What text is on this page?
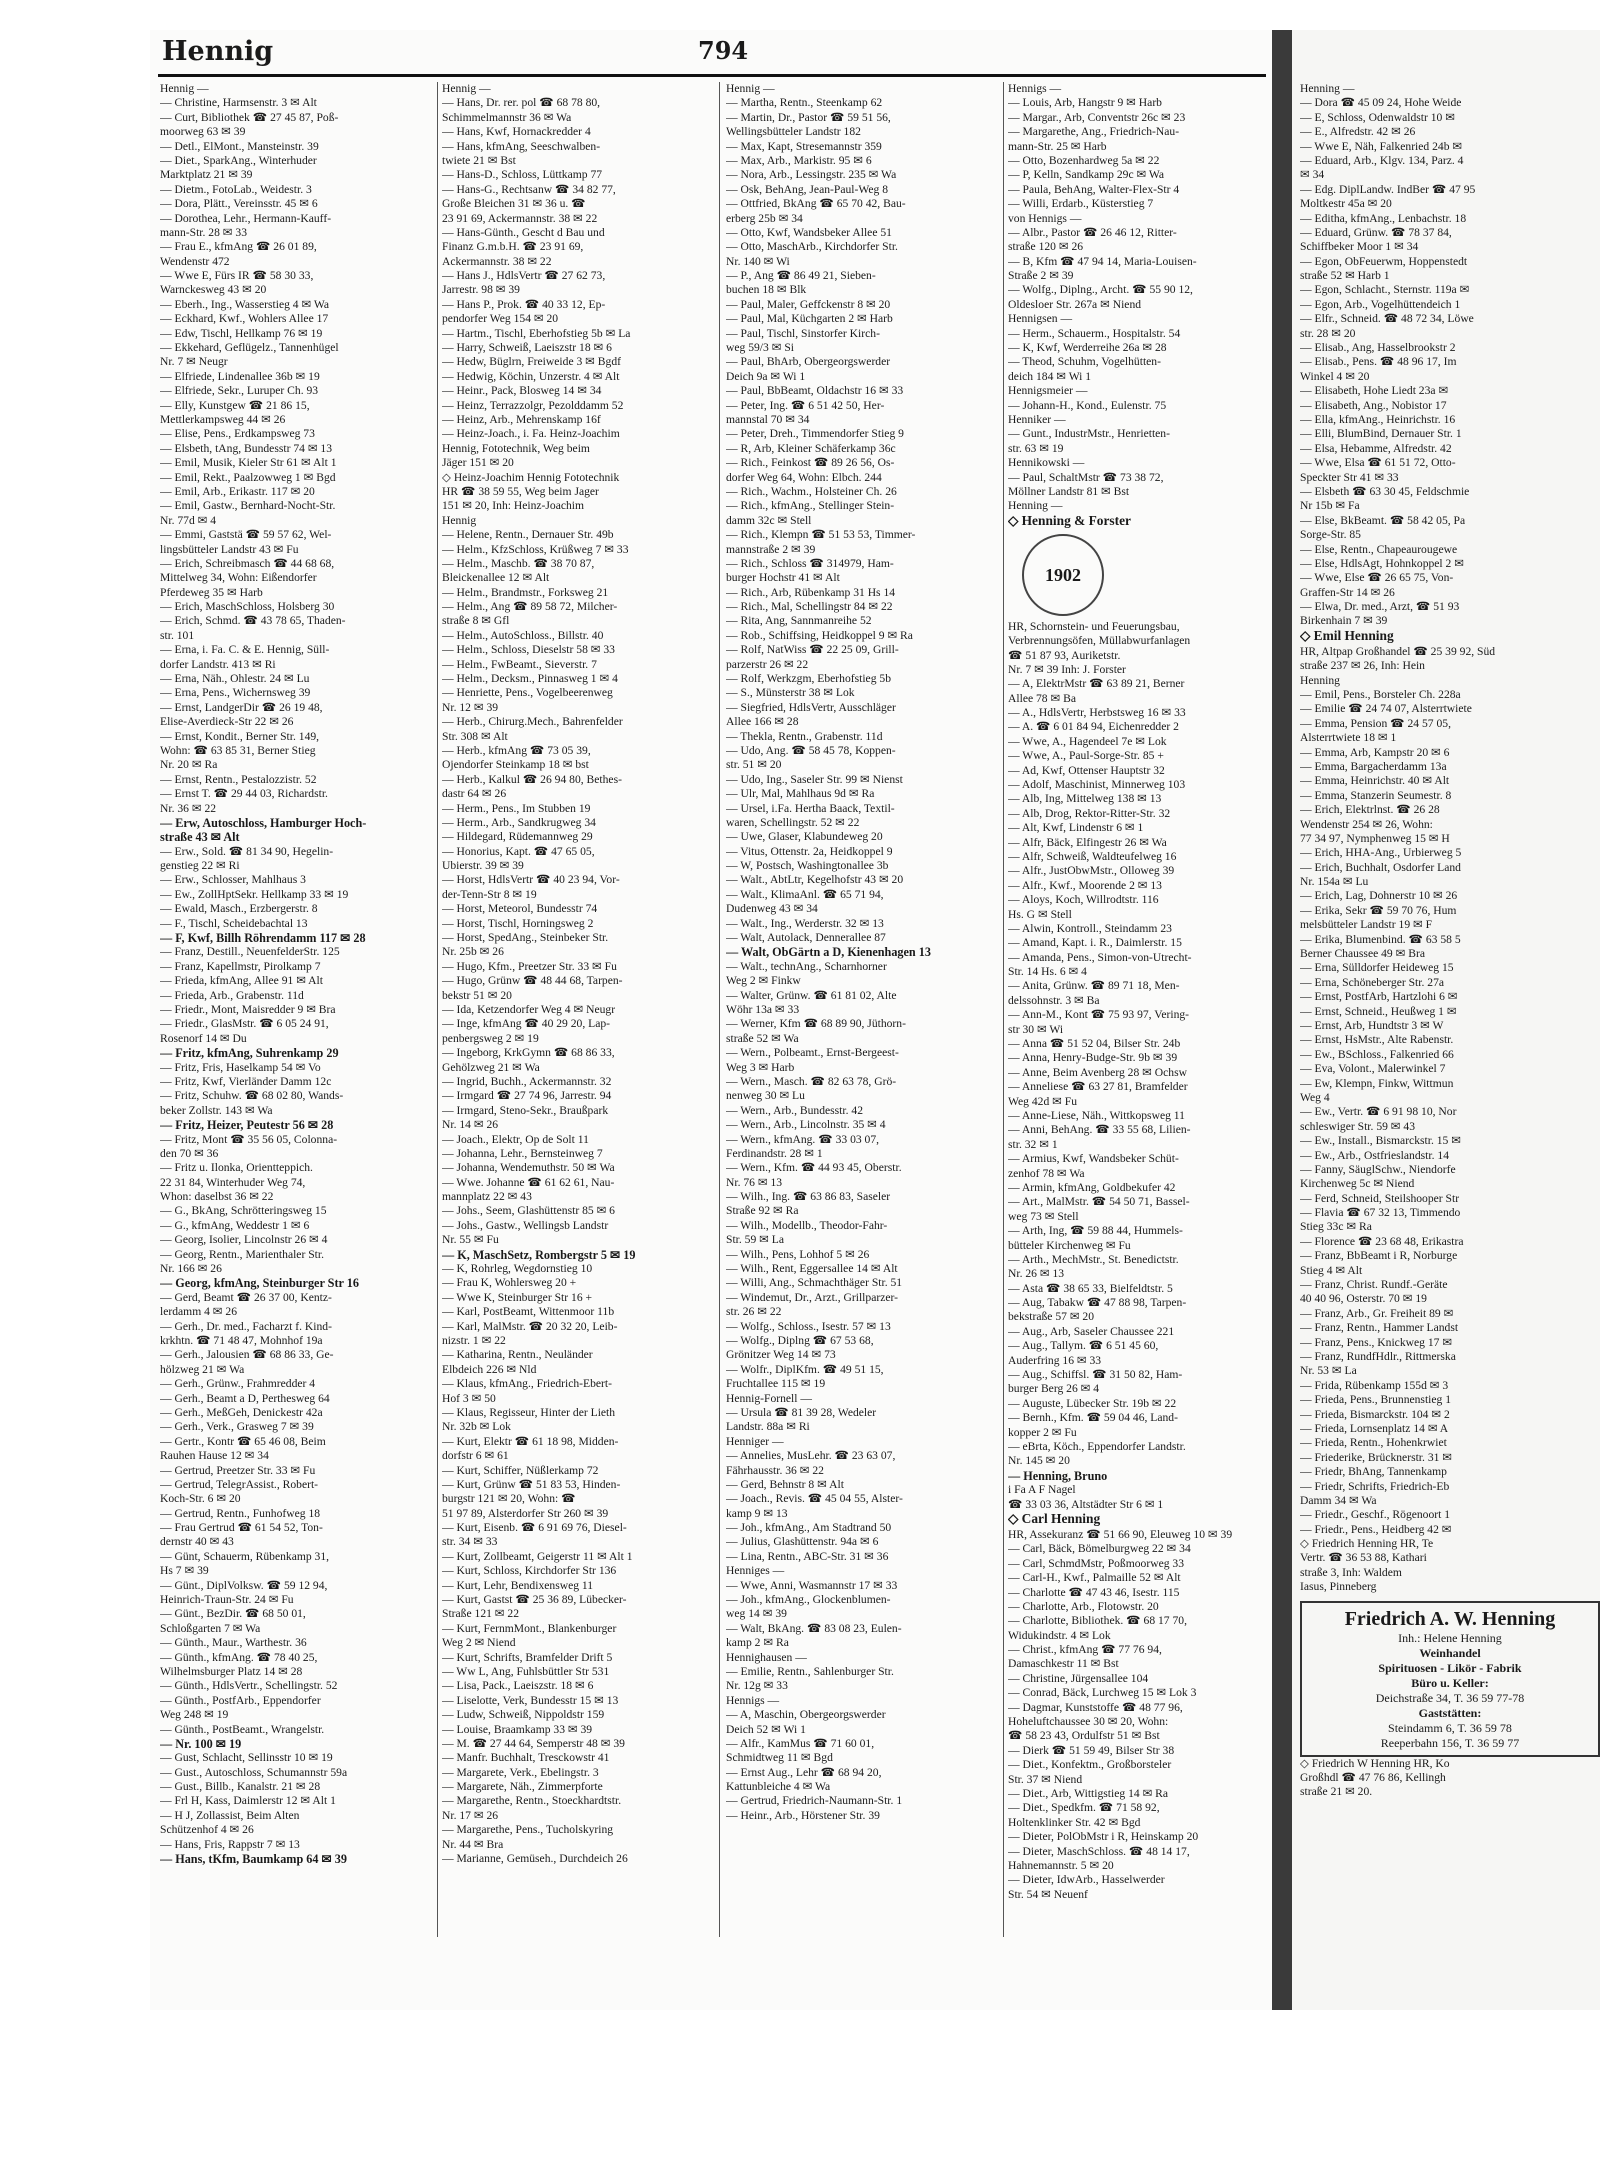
Hennig	794
Hennig —
— Christine, Harmsenstr. 3 ✉ Alt
— Curt, Bibliothek ☎ 27 45 87, Poß-
moorweg 63 ✉ 39
— Detl., ElMont., Mansteinstr. 39
— Diet., SparkAng., Winterhuder
Marktplatz 21 ✉ 39
— Dietm., FotoLab., Weidestr. 3
— Dora, Plätt., Vereinsstr. 45 ✉ 6
— Dorothea, Lehr., Hermann-Kauff-
mann-Str. 28 ✉ 33
— Frau E., kfmAng ☎ 26 01 89,
Wendenstr 472
— Wwe E, Fürs IR ☎ 58 30 33,
Warnckesweg 43 ✉ 20
— Eberh., Ing., Wasserstieg 4 ✉ Wa
— Eckhard, Kwf., Wohlers Allee 17
— Edw, Tischl, Hellkamp 76 ✉ 19
— Ekkehard, Geflügelz., Tannenhügel
Nr. 7 ✉ Neugr
— Elfriede, Lindenallee 36b ✉ 19
— Elfriede, Sekr., Luruper Ch. 93
— Elly, Kunstgew ☎ 21 86 15,
Mettlerkampsweg 44 ✉ 26
— Elise, Pens., Erdkampsweg 73
— Elsbeth, tAng, Bundesstr 74 ✉ 13
— Emil, Musik, Kieler Str 61 ✉ Alt 1
— Emil, Rekt., Paalzowweg 1 ✉ Bgd
— Emil, Arb., Erikastr. 117 ✉ 20
— Emil, Gastw., Bernhard-Nocht-Str.
Nr. 77d ✉ 4
— Emmi, Gaststä ☎ 59 57 62, Wel-
lingsbütteler Landstr 43 ✉ Fu
— Erich, Schreibmasch ☎ 44 68 68,
Mittelweg 34, Wohn: Eißendorfer
Pferdeweg 35 ✉ Harb
— Erich, MaschSchloss, Holsberg 30
— Erich, Schmd. ☎ 43 78 65, Thaden-
str. 101
— Erna, i. Fa. C. & E. Hennig, Süll-
dorfer Landstr. 413 ✉ Ri
— Erna, Näh., Ohlestr. 24 ✉ Lu
— Erna, Pens., Wichernsweg 39
— Ernst, LandgerDir ☎ 26 19 48,
Elise-Averdieck-Str 22 ✉ 26
— Ernst, Kondit., Berner Str. 149,
Wohn: ☎ 63 85 31, Berner Stieg
Nr. 20 ✉ Ra
— Ernst, Rentn., Pestalozzistr. 52
— Ernst T. ☎ 29 44 03, Richardstr.
Nr. 36 ✉ 22
— Erw, Autoschloss, Hamburger Hoch-
straße 43 ✉ Alt
— Erw., Sold. ☎ 81 34 90, Hegelin-
genstieg 22 ✉ Ri
— Erw., Schlosser, Mahlhaus 3
— Ew., ZollHptSekr. Hellkamp 33 ✉ 19
— Ewald, Masch., Erzbergerstr. 8
— F., Tischl, Scheidebachtal 13
— F, Kwf, Billh Röhrendamm 117 ✉ 28
— Franz, Destill., NeuenfelderStr. 125
— Franz, Kapellmstr, Pirolkamp 7
— Frieda, kfmAng, Allee 91 ✉ Alt
— Frieda, Arb., Grabenstr. 11d
— Friedr., Mont, Maisredder 9 ✉ Bra
— Friedr., GlasMstr. ☎ 6 05 24 91,
Rosenorf 14 ✉ Du
— Fritz, kfmAng, Suhrenkamp 29
— Fritz, Fris, Haselkamp 54 ✉ Vo
— Fritz, Kwf, Vierländer Damm 12c
— Fritz, Schuhw. ☎ 68 02 80, Wands-
beker Zollstr. 143 ✉ Wa
— Fritz, Heizer, Peutestr 56 ✉ 28
— Fritz, Mont ☎ 35 56 05, Colonna-
den 70 ✉ 36
— Fritz u. Ilonka, Orientteppich.
22 31 84, Winterhuder Weg 74,
Whon: daselbst 36 ✉ 22
— G., BkAng, Schrötteringsweg 15
— G., kfmAng, Weddestr 1 ✉ 6
— Georg, Isolier, Lincolnstr 26 ✉ 4
— Georg, Rentn., Marienthaler Str.
Nr. 166 ✉ 26
— Georg, kfmAng, Steinburger Str 16
— Gerd, Beamt ☎ 26 37 00, Kentz-
lerdamm 4 ✉ 26
— Gerh., Dr. med., Facharzt f. Kind-
krkhtn. ☎ 71 48 47, Mohnhof 19a
— Gerh., Jalousien ☎ 68 86 33, Ge-
hölzweg 21 ✉ Wa
— Gerh., Grünw., Frahmredder 4
— Gerh., Beamt a D, Perthesweg 64
— Gerh., MeßGeh, Denickestr 42a
— Gerh., Verk., Grasweg 7 ✉ 39
— Gertr., Kontr ☎ 65 46 08, Beim
Rauhen Hause 12 ✉ 34
— Gertrud, Preetzer Str. 33 ✉ Fu
— Gertrud, TelegrAssist., Robert-
Koch-Str. 6 ✉ 20
— Gertrud, Rentn., Funhofweg 18
— Frau Gertrud ☎ 61 54 52, Ton-
dernstr 40 ✉ 43
— Günt, Schauerm, Rübenkamp 31,
Hs 7 ✉ 39
— Günt., DiplVolksw. ☎ 59 12 94,
Heinrich-Traun-Str. 24 ✉ Fu
— Günt., BezDir. ☎ 68 50 01,
Schloßgarten 7 ✉ Wa
— Günth., Maur., Warthestr. 36
— Günth., kfmAng. ☎ 78 40 25,
Wilhelmsburger Platz 14 ✉ 28
— Günth., HdlsVertr., Schellingstr. 52
— Günth., PostfArb., Eppendorfer
Weg 248 ✉ 19
— Günth., PostBeamt., Wrangelstr.
— Nr. 100 ✉ 19
— Gust, Schlacht, Sellinsstr 10 ✉ 19
— Gust., Autoschloss, Schumannstr 59a
— Gust., Billb., Kanalstr. 21 ✉ 28
— Frl H, Kass, Daimlerstr 12 ✉ Alt 1
— H J, Zollassist, Beim Alten
Schützenhof 4 ✉ 26
— Hans, Fris, Rappstr 7 ✉ 13
— Hans, tKfm, Baumkamp 64 ✉ 39
Hennig —
— Hans, Dr. rer. pol ☎ 68 78 80,
Schimmelmannstr 36 ✉ Wa
— Hans, Kwf, Hornackredder 4
— Hans, kfmAng, Seeschwalben-
twiete 21 ✉ Bst
— Hans-D., Schloss, Lüttkamp 77
— Hans-G., Rechtsanw ☎ 34 82 77,
Große Bleichen 31 ✉ 36 u. ☎
23 91 69, Ackermannstr. 38 ✉ 22
— Hans-Günth., Gescht d Bau und
Finanz G.m.b.H. ☎ 23 91 69,
Ackermannstr. 38 ✉ 22
— Hans J., HdlsVertr ☎ 27 62 73,
Jarrestr. 98 ✉ 39
— Hans P., Prok. ☎ 40 33 12, Ep-
pendorfer Weg 154 ✉ 20
— Hartm., Tischl, Eberhofstieg 5b ✉ La
— Harry, Schweiß, Laeiszstr 18 ✉ 6
— Hedw, Büglrn, Freiweide 3 ✉ Bgdf
— Hedwig, Köchin, Unzerstr. 4 ✉ Alt
— Heinr., Pack, Blosweg 14 ✉ 34
— Heinz, Terrazzolgr, Pezolddamm 52
— Heinz, Arb., Mehrenskamp 16f
— Heinz-Joach., i. Fa. Heinz-Joachim
Hennig, Fototechnik, Weg beim
Jäger 151 ✉ 20
◇ Heinz-Joachim Hennig Fototechnik
HR ☎ 38 59 55, Weg beim Jager
151 ✉ 20, Inh: Heinz-Joachim
Hennig
— Helene, Rentn., Dernauer Str. 49b
— Helm., KfzSchloss, Krüßweg 7 ✉ 33
— Helm., Maschb. ☎ 38 70 87,
Bleickenallee 12 ✉ Alt
— Helm., Brandmstr., Forksweg 21
— Helm., Ang ☎ 89 58 72, Milcher-
straße 8 ✉ Gfl
— Helm., AutoSchloss., Billstr. 40
— Helm., Schloss, Dieselstr 58 ✉ 33
— Helm., FwBeamt., Sieverstr. 7
— Helm., Decksm., Pinnasweg 1 ✉ 4
— Henriette, Pens., Vogelbeerenweg
Nr. 12 ✉ 39
— Herb., Chirurg.Mech., Bahrenfelder
Str. 308 ✉ Alt
— Herb., kfmAng ☎ 73 05 39,
Ojendorfer Steinkamp 18 ✉ bst
— Herb., Kalkul ☎ 26 94 80, Bethes-
dastr 64 ✉ 26
— Herm., Pens., Im Stubben 19
— Herm., Arb., Sandkrugweg 34
— Hildegard, Rüdemannweg 29
— Honorius, Kapt. ☎ 47 65 05,
Ubierstr. 39 ✉ 39
— Horst, HdlsVertr ☎ 40 23 94, Vor-
der-Tenn-Str 8 ✉ 19
— Horst, Meteorol, Bundesstr 74
— Horst, Tischl, Horningsweg 2
— Horst, SpedAng., Steinbeker Str.
Nr. 25b ✉ 26
— Hugo, Kfm., Preetzer Str. 33 ✉ Fu
— Hugo, Grünw ☎ 48 44 68, Tarpen-
bekstr 51 ✉ 20
— Ida, Ketzendorfer Weg 4 ✉ Neugr
— Inge, kfmAng ☎ 40 29 20, Lap-
penbergsweg 2 ✉ 19
— Ingeborg, KrkGymn ☎ 68 86 33,
Gehölzweg 21 ✉ Wa
— Ingrid, Buchh., Ackermannstr. 32
— Irmgard ☎ 27 74 96, Jarrestr. 94
— Irmgard, Steno-Sekr., Braußpark
Nr. 14 ✉ 26
— Joach., Elektr, Op de Solt 11
— Johanna, Lehr., Bernsteinweg 7
— Johanna, Wendemuthstr. 50 ✉ Wa
— Wwe. Johanne ☎ 61 62 61, Nau-
mannplatz 22 ✉ 43
— Johs., Seem, Glashüttenstr 85 ✉ 6
— Johs., Gastw., Wellingsb Landstr
Nr. 55 ✉ Fu
— K, MaschSetz, Rombergstr 5 ✉ 19
— K, Rohrleg, Wegdornstieg 10
— Frau K, Wohlersweg 20 +
— Wwe K, Steinburger Str 16 +
— Karl, PostBeamt, Wittenmoor 11b
— Karl, MalMstr. ☎ 20 32 20, Leib-
nizstr. 1 ✉ 22
— Katharina, Rentn., Neuländer
Elbdeich 226 ✉ Nld
— Klaus, kfmAng., Friedrich-Ebert-
Hof 3 ✉ 50
— Klaus, Regisseur, Hinter der Lieth
Nr. 32b ✉ Lok
— Kurt, Elektr ☎ 61 18 98, Midden-
dorfstr 6 ✉ 61
— Kurt, Schiffer, Nüßlerkamp 72
— Kurt, Grünw ☎ 51 83 53, Hinden-
burgstr 121 ✉ 20, Wohn: ☎
51 97 89, Alsterdorfer Str 260 ✉ 39
— Kurt, Eisenb. ☎ 6 91 69 76, Diesel-
str. 34 ✉ 33
— Kurt, Zollbeamt, Geigerstr 11 ✉ Alt 1
— Kurt, Schloss, Kirchdorfer Str 136
— Kurt, Lehr, Bendixensweg 11
— Kurt, Gastst ☎ 25 36 89, Lübecker-
Straße 121 ✉ 22
— Kurt, FernmMont., Blankenburger
Weg 2 ✉ Niend
— Kurt, Schrifts, Bramfelder Drift 5
— Ww L, Ang, Fuhlsbüttler Str 531
— Lisa, Pack., Laeiszstr. 18 ✉ 6
— Liselotte, Verk, Bundesstr 15 ✉ 13
— Ludw, Schweiß, Nippoldstr 159
— Louise, Braamkamp 33 ✉ 39
— M. ☎ 27 44 64, Semperstr 48 ✉ 39
— Manfr. Buchhalt, Tresckowstr 41
— Margarete, Verk., Ebelingstr. 3
— Margarete, Näh., Zimmerpforte
— Margarethe, Rentn., Stoeckhardtstr.
Nr. 17 ✉ 26
— Margarethe, Pens., Tucholskyring
Nr. 44 ✉ Bra
— Marianne, Gemüseh., Durchdeich 26
Hennig —
— Martha, Rentn., Steenkamp 62
— Martin, Dr., Pastor ☎ 59 51 56,
Wellingsbütteler Landstr 182
— Max, Kapt, Stresemannstr 359
— Max, Arb., Markistr. 95 ✉ 6
— Nora, Arb., Lessingstr. 235 ✉ Wa
— Osk, BehAng, Jean-Paul-Weg 8
— Ottfried, BkAng ☎ 65 70 42, Bau-
erberg 25b ✉ 34
— Otto, Kwf, Wandsbeker Allee 51
— Otto, MaschArb., Kirchdorfer Str.
Nr. 140 ✉ Wi
— P., Ang ☎ 86 49 21, Sieben-
buchen 18 ✉ Blk
— Paul, Maler, Geffckenstr 8 ✉ 20
— Paul, Mal, Küchgarten 2 ✉ Harb
— Paul, Tischl, Sinstorfer Kirch-
weg 59/3 ✉ Si
— Paul, BhArb, Obergeorgswerder
Deich 9a ✉ Wi 1
— Paul, BbBeamt, Oldachstr 16 ✉ 33
— Peter, Ing. ☎ 6 51 42 50, Her-
mannstal 70 ✉ 34
— Peter, Dreh., Timmendorfer Stieg 9
— R, Arb, Kleiner Schäferkamp 36c
— Rich., Feinkost ☎ 89 26 56, Os-
dorfer Weg 64, Wohn: Elbch. 244
— Rich., Wachm., Holsteiner Ch. 26
— Rich., kfmAng., Stellinger Stein-
damm 32c ✉ Stell
— Rich., Klempn ☎ 51 53 53, Timmer-
mannstraße 2 ✉ 39
— Rich., Schloss ☎ 314979, Ham-
burger Hochstr 41 ✉ Alt
— Rich., Arb, Rübenkamp 31 Hs 14
— Rich., Mal, Schellingstr 84 ✉ 22
— Rita, Ang, Sannmanreihe 52
— Rob., Schiffsing, Heidkoppel 9 ✉ Ra
— Rolf, NatWiss ☎ 22 25 09, Grill-
parzerstr 26 ✉ 22
— Rolf, Werkzgm, Eberhofstieg 5b
— S., Münsterstr 38 ✉ Lok
— Siegfried, HdlsVertr, Ausschläger
Allee 166 ✉ 28
— Thekla, Rentn., Grabenstr. 11d
— Udo, Ang. ☎ 58 45 78, Koppen-
str. 51 ✉ 20
— Udo, Ing., Saseler Str. 99 ✉ Nienst
— Ulr, Mal, Mahlhaus 9d ✉ Ra
— Ursel, i.Fa. Hertha Baack, Textil-
waren, Schellingstr. 52 ✉ 22
— Uwe, Glaser, Klabundeweg 20
— Vitus, Ottenstr. 2a, Heidkoppel 9
— W, Postsch, Washingtonallee 3b
— Walt., AbtLtr, Kegelhofstr 43 ✉ 20
— Walt., KlimaAnl. ☎ 65 71 94,
Dudenweg 43 ✉ 34
— Walt., Ing., Werderstr. 32 ✉ 13
— Walt, Autolack, Dennerallee 87
— Walt, ObGärtn a D, Kienenhagen 13
— Walt., technAng., Scharnhorner
Weg 2 ✉ Finkw
— Walter, Grünw. ☎ 61 81 02, Alte
Wöhr 13a ✉ 33
— Werner, Kfm ☎ 68 89 90, Jüthorn-
straße 52 ✉ Wa
— Wern., Polbeamt., Ernst-Bergeest-
Weg 3 ✉ Harb
— Wern., Masch. ☎ 82 63 78, Grö-
nenweg 30 ✉ Lu
— Wern., Arb., Bundesstr. 42
— Wern., Arb., Lincolnstr. 35 ✉ 4
— Wern., kfmAng. ☎ 33 03 07,
Ferdinandstr. 28 ✉ 1
— Wern., Kfm. ☎ 44 93 45, Oberstr.
Nr. 76 ✉ 13
— Wilh., Ing. ☎ 63 86 83, Saseler
Straße 92 ✉ Ra
— Wilh., Modellb., Theodor-Fahr-
Str. 59 ✉ La
— Wilh., Pens, Lohhof 5 ✉ 26
— Wilh., Rent, Eggersallee 14 ✉ Alt
— Willi, Ang., Schmachthäger Str. 51
— Windemut, Dr., Arzt., Grillparzer-
str. 26 ✉ 22
— Wolfg., Schloss., Isestr. 57 ✉ 13
— Wolfg., Diplng ☎ 67 53 68,
Grönitzer Weg 14 ✉ 73
— Wolfr., DiplKfm. ☎ 49 51 15,
Fruchtallee 115 ✉ 19
Hennig-Fornell —
— Ursula ☎ 81 39 28, Wedeler
Landstr. 88a ✉ Ri
Henniger —
— Annelies, MusLehr. ☎ 23 63 07,
Fährhausstr. 36 ✉ 22
— Gerd, Behnstr 8 ✉ Alt
— Joach., Revis. ☎ 45 04 55, Alster-
kamp 9 ✉ 13
— Joh., kfmAng., Am Stadtrand 50
— Julius, Glashüttenstr. 94a ✉ 6
— Lina, Rentn., ABC-Str. 31 ✉ 36
Henniges —
— Wwe, Anni, Wasmannstr 17 ✉ 33
— Joh., kfmAng., Glockenblumen-
weg 14 ✉ 39
— Walt, BkAng. ☎ 83 08 23, Eulen-
kamp 2 ✉ Ra
Hennighausen —
— Emilie, Rentn., Sahlenburger Str.
Nr. 12g ✉ 33
Hennigs —
— A, Maschin, Obergeorgswerder
Deich 52 ✉ Wi 1
— Alfr., KamMus ☎ 71 60 01,
Schmidtweg 11 ✉ Bgd
— Ernst Aug., Lehr ☎ 68 94 20,
Kattunbleiche 4 ✉ Wa
— Gertrud, Friedrich-Naumann-Str. 1
— Heinr., Arb., Hörstener Str. 39
Hennigs —
— Louis, Arb, Hangstr 9 ✉ Harb
— Margar., Arb, Conventstr 26c ✉ 23
— Margarethe, Ang., Friedrich-Nau-
mann-Str. 25 ✉ Harb
— Otto, Bozenhardweg 5a ✉ 22
— P, Kelln, Sandkamp 29c ✉ Wa
— Paula, BehAng, Walter-Flex-Str 4
— Willi, Erdarb., Küsterstieg 7
von Hennigs —
— Albr., Pastor ☎ 26 46 12, Ritter-
straße 120 ✉ 26
— B, Kfm ☎ 47 94 14, Maria-Louisen-
Straße 2 ✉ 39
— Wolfg., Diplng., Archt. ☎ 55 90 12,
Oldesloer Str. 267a ✉ Niend
Hennigsen —
— Herm., Schauerm., Hospitalstr. 54
— K, Kwf, Werderreihe 26a ✉ 28
— Theod, Schuhm, Vogelhütten-
deich 184 ✉ Wi 1
Hennigsmeier —
— Johann-H., Kond., Eulenstr. 75
Henniker —
— Gunt., IndustrMstr., Henrietten-
str. 63 ✉ 19
Hennikowski —
— Paul, SchaltMstr ☎ 73 38 72,
Möllner Landstr 81 ✉ Bst
Henning —
◇ Henning & Forster
1902
HR, Schornstein- und Feuerungsbau,
Verbrennungsöfen, Müllabwurfanlagen
☎ 51 87 93, Auriketstr.
Nr. 7 ✉ 39 Inh: J. Forster
— A, ElektrMstr ☎ 63 89 21, Berner
Allee 78 ✉ Ba
— A., HdlsVertr, Herbstsweg 16 ✉ 33
— A. ☎ 6 01 84 94, Eichenredder 2
— Wwe, A., Hagendeel 7e ✉ Lok
— Wwe, A., Paul-Sorge-Str. 85 +
— Ad, Kwf, Ottenser Hauptstr 32
— Adolf, Maschinist, Minnerweg 103
— Alb, Ing, Mittelweg 138 ✉ 13
— Alb, Drog, Rektor-Ritter-Str. 32
— Alt, Kwf, Lindenstr 6 ✉ 1
— Alfr, Bäck, Elfingestr 26 ✉ Wa
— Alfr, Schweiß, Waldteufelweg 16
— Alfr., JustObwMstr., Olloweg 39
— Alfr., Kwf., Moorende 2 ✉ 13
— Aloys, Koch, Willrodtstr. 116
Hs. G ✉ Stell
— Alwin, Kontroll., Steindamm 23
— Amand, Kapt. i. R., Daimlerstr. 15
— Amanda, Pens., Simon-von-Utrecht-
Str. 14 Hs. 6 ✉ 4
— Anita, Grünw. ☎ 89 71 18, Men-
delssohnstr. 3 ✉ Ba
— Ann-M., Kont ☎ 75 93 97, Vering-
str 30 ✉ Wi
— Anna ☎ 51 52 04, Bilser Str. 24b
— Anna, Henry-Budge-Str. 9b ✉ 39
— Anne, Beim Avenberg 28 ✉ Ochsw
— Anneliese ☎ 63 27 81, Bramfelder
Weg 42d ✉ Fu
— Anne-Liese, Näh., Wittkopsweg 11
— Anni, BehAng. ☎ 33 55 68, Lilien-
str. 32 ✉ 1
— Armius, Kwf, Wandsbeker Schüt-
zenhof 78 ✉ Wa
— Armin, kfmAng, Goldbekufer 42
— Art., MalMstr. ☎ 54 50 71, Bassel-
weg 73 ✉ Stell
— Arth, Ing, ☎ 59 88 44, Hummels-
bütteler Kirchenweg ✉ Fu
— Arth., MechMstr., St. Benedictstr.
Nr. 26 ✉ 13
— Asta ☎ 38 65 33, Bielfeldtstr. 5
— Aug, Tabakw ☎ 47 88 98, Tarpen-
bekstraße 57 ✉ 20
— Aug., Arb, Saseler Chaussee 221
— Aug., Tallym. ☎ 6 51 45 60,
Auderfring 16 ✉ 33
— Aug., Schiffsl. ☎ 31 50 82, Ham-
burger Berg 26 ✉ 4
— Auguste, Lübecker Str. 19b ✉ 22
— Bernh., Kfm. ☎ 59 04 46, Land-
kopper 2 ✉ Fu
— eBrta, Köch., Eppendorfer Landstr.
Nr. 145 ✉ 20
— Henning, Bruno
i Fa A F Nagel
☎ 33 03 36, Altstädter Str 6 ✉ 1
◇ Carl Henning
HR, Assekuranz ☎ 51 66 90, Eleuweg 10 ✉ 39
— Carl, Bäck, Bömelburgweg 22 ✉ 34
— Carl, SchmdMstr, Poßmoorweg 33
— Carl-H., Kwf., Palmaille 52 ✉ Alt
— Charlotte ☎ 47 43 46, Isestr. 115
— Charlotte, Arb., Flotowstr. 20
— Charlotte, Bibliothek. ☎ 68 17 70,
Widukindstr. 4 ✉ Lok
— Christ., kfmAng ☎ 77 76 94,
Damaschkestr 11 ✉ Bst
— Christine, Jürgensallee 104
— Conrad, Bäck, Lurchweg 15 ✉ Lok 3
— Dagmar, Kunststoffe ☎ 48 77 96,
Hoheluftchaussee 30 ✉ 20, Wohn:
☎ 58 23 43, Ordulfstr 51 ✉ Bst
— Dierk ☎ 51 59 49, Bilser Str 38
— Diet., Konfektm., Großborsteler
Str. 37 ✉ Niend
— Diet., Arb, Wittigstieg 14 ✉ Ra
— Diet., Spedkfm. ☎ 71 58 92,
Holtenklinker Str. 42 ✉ Bgd
— Dieter, PolObMstr i R, Heinskamp 20
— Dieter, MaschSchloss. ☎ 48 14 17,
Hahnemannstr. 5 ✉ 20
— Dieter, IdwArb., Hasselwerder
Str. 54 ✉ Neuenf
Henning —
— Dora ☎ 45 09 24, Hohe Weide
— E, Schloss, Odenwaldstr 10 ✉
— E., Alfredstr. 42 ✉ 26
— Wwe E, Näh, Falkenried 24b ✉
— Eduard, Arb., Klgv. 134, Parz. 4
✉ 34
— Edg. DiplLandw. IndBer ☎ 47 95
Moltkestr 45a ✉ 20
— Editha, kfmAng., Lenbachstr. 18
— Eduard, Grünw. ☎ 78 37 84,
Schiffbeker Moor 1 ✉ 34
— Egon, ObFeuerwm, Hoppenstedt
straße 52 ✉ Harb 1
— Egon, Schlacht., Sternstr. 119a ✉
— Egon, Arb., Vogelhüttendeich 1
— Elfr., Schneid. ☎ 48 72 34, Löwe
str. 28 ✉ 20
— Elisab., Ang, Hasselbrookstr 2
— Elisab., Pens. ☎ 48 96 17, Im
Winkel 4 ✉ 20
— Elisabeth, Hohe Liedt 23a ✉
— Elisabeth, Ang., Nobistor 17
— Ella, kfmAng., Heinrichstr. 16
— Elli, BlumBind, Dernauer Str. 1
— Elsa, Hebamme, Alfredstr. 42
— Wwe, Elsa ☎ 61 51 72, Otto-
Speckter Str 41 ✉ 33
— Elsbeth ☎ 63 30 45, Feldschmie
Nr 15b ✉ Fa
— Else, BkBeamt. ☎ 58 42 05, Pa
Sorge-Str. 85
— Else, Rentn., Chapeaurougewe
— Else, HdlsAgt, Hohnkoppel 2 ✉
— Wwe, Else ☎ 26 65 75, Von-
Graffen-Str 14 ✉ 26
— Elwa, Dr. med., Arzt, ☎ 51 93
Birkenhain 7 ✉ 39
◇ Emil Henning
HR, Altpap Großhandel ☎ 25 39 92, Süd
straße 237 ✉ 26, Inh: Hein
Henning
— Emil, Pens., Borsteler Ch. 228a
— Emilie ☎ 24 74 07, Alsterrtwiete
— Emma, Pension ☎ 24 57 05,
Alsterrtwiete 18 ✉ 1
— Emma, Arb, Kampstr 20 ✉ 6
— Emma, Bargacherdamm 13a
— Emma, Heinrichstr. 40 ✉ Alt
— Emma, Stanzerin Seumestr. 8
— Erich, Elektrlnst. ☎ 26 28
Wendenstr 254 ✉ 26, Wohn:
77 34 97, Nymphenweg 15 ✉ H
— Erich, HHA-Ang., Urbierweg 5
— Erich, Buchhalt, Osdorfer Land
Nr. 154a ✉ Lu
— Erich, Lag, Dohnerstr 10 ✉ 26
— Erika, Sekr ☎ 59 70 76, Hum
melsbütteler Landstr 19 ✉ F
— Erika, Blumenbind. ☎ 63 58 5
Berner Chaussee 49 ✉ Bra
— Erna, Sülldorfer Heideweg 15
— Erna, Schöneberger Str. 27a
— Ernst, PostfArb, Hartzlohi 6 ✉
— Ernst, Schneid., Heußweg 1 ✉
— Ernst, Arb, Hundtstr 3 ✉ W
— Ernst, HsMstr., Alte Rabenstr.
— Ew., BSchloss., Falkenried 66
— Eva, Volont., Malerwinkel 7
— Ew, Klempn, Finkw, Wittmun
Weg 4
— Ew., Vertr. ☎ 6 91 98 10, Nor
schleswiger Str. 59 ✉ 43
— Ew., Install., Bismarckstr. 15 ✉
— Ew., Arb., Ostfrieslandstr. 14
— Fanny, SäuglSchw., Niendorfe
Kirchenweg 5c ✉ Niend
— Ferd, Schneid, Steilshooper Str
— Flavia ☎ 67 32 13, Timmendo
Stieg 33c ✉ Ra
— Florence ☎ 23 68 48, Erikastra
— Franz, BbBeamt i R, Norburge
Stieg 4 ✉ Alt
— Franz, Christ. Rundf.-Geräte
40 40 96, Osterstr. 70 ✉ 19
— Franz, Arb., Gr. Freiheit 89 ✉
— Franz, Rentn., Hammer Landst
— Franz, Pens., Knickweg 17 ✉
— Franz, RundfHdlr., Rittmerska
Nr. 53 ✉ La
— Frida, Rübenkamp 155d ✉ 3
— Frieda, Pens., Brunnenstieg 1
— Frieda, Bismarckstr. 104 ✉ 2
— Frieda, Lornsenplatz 14 ✉ A
— Frieda, Rentn., Hohenkrwiet
— Friederike, Brücknerstr. 31 ✉
— Friedr, BhAng, Tannenkamp
— Friedr, Schrifts, Friedrich-Eb
Damm 34 ✉ Wa
— Friedr., Geschf., Rögenoort 1
— Friedr., Pens., Heidberg 42 ✉
◇ Friedrich Henning HR, Te
Vertr. ☎ 36 53 88, Kathari
straße 3, Inh: Waldem
Iasus, Pinneberg
Friedrich A. W. Henning
Inh.: Helene Henning
Weinhandel
Spirituosen - Likör - Fabrik
Büro u. Keller:
Deichstraße 34, T. 36 59 77-78
Gaststätten:
Steindamm 6, T. 36 59 78
Reeperbahn 156, T. 36 59 77
◇ Friedrich W Henning HR, Ko
Großhdl ☎ 47 76 86, Kellingh
straße 21 ✉ 20.
